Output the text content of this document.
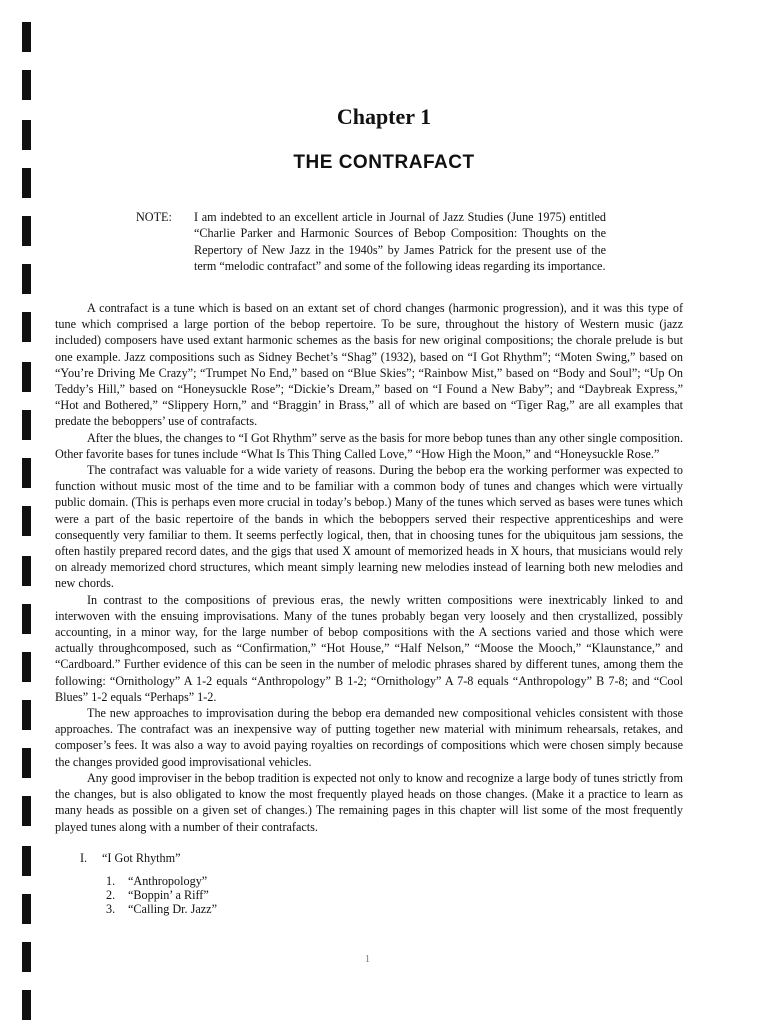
Chapter 1
THE CONTRAFACT
NOTE: I am indebted to an excellent article in Journal of Jazz Studies (June 1975) entitled “Charlie Parker and Harmonic Sources of Bebop Composition: Thoughts on the Repertory of New Jazz in the 1940s” by James Patrick for the present use of the term “melodic contrafact” and some of the following ideas regarding its importance.

A contrafact is a tune which is based on an extant set of chord changes (harmonic progression), and it was this type of tune which comprised a large portion of the bebop repertoire. To be sure, throughout the history of Western music (jazz included) composers have used extant harmonic schemes as the basis for new original compositions; the chorale prelude is but one example. Jazz compositions such as Sidney Bechet’s “Shag” (1932), based on “I Got Rhythm”; “Moten Swing,” based on “You’re Driving Me Crazy”; “Trumpet No End,” based on “Blue Skies”; “Rainbow Mist,” based on “Body and Soul”; “Up On Teddy’s Hill,” based on “Honeysuckle Rose”; “Dickie’s Dream,” based on “I Found a New Baby”; and “Daybreak Express,” “Hot and Bothered,” “Slippery Horn,” and “Braggin’ in Brass,” all of which are based on “Tiger Rag,” are all examples that predate the beboppers’ use of contrafacts.

After the blues, the changes to “I Got Rhythm” serve as the basis for more bebop tunes than any other single composition. Other favorite bases for tunes include “What Is This Thing Called Love,” “How High the Moon,” and “Honeysuckle Rose.”

The contrafact was valuable for a wide variety of reasons. During the bebop era the working performer was expected to function without music most of the time and to be familiar with a common body of tunes and changes which were virtually public domain. (This is perhaps even more crucial in today’s bebop.) Many of the tunes which served as bases were tunes which were a part of the basic repertoire of the bands in which the beboppers served their respective apprenticeships and were consequently very familiar to them. It seems perfectly logical, then, that in choosing tunes for the ubiquitous jam sessions, the often hastily prepared record dates, and the gigs that used X amount of memorized heads in X hours, that musicians would rely on already memorized chord structures, which meant simply learning new melodies instead of learning both new melodies and new chords.

In contrast to the compositions of previous eras, the newly written compositions were inextricably linked to and interwoven with the ensuing improvisations. Many of the tunes probably began very loosely and then crystallized, possibly accounting, in a minor way, for the large number of bebop compositions with the A sections varied and those which were actually throughcomposed, such as “Confirmation,” “Hot House,” “Half Nelson,” “Moose the Mooch,” “Klaunstance,” and “Cardboard.” Further evidence of this can be seen in the number of melodic phrases shared by different tunes, among them the following: “Ornithology” A 1-2 equals “Anthropology” B 1-2; “Ornithology” A 7-8 equals “Anthropology” B 7-8; and “Cool Blues” 1-2 equals “Perhaps” 1-2.

The new approaches to improvisation during the bebop era demanded new compositional vehicles consistent with those approaches. The contrafact was an inexpensive way of putting together new material with minimum rehearsals, retakes, and composer’s fees. It was also a way to avoid paying royalties on recordings of compositions which were chosen simply because the changes provided good improvisational vehicles.

Any good improviser in the bebop tradition is expected not only to know and recognize a large body of tunes strictly from the changes, but is also obligated to know the most frequently played heads on those changes. (Make it a practice to learn as many heads as possible on a given set of changes.) The remaining pages in this chapter will list some of the most frequently played tunes along with a number of their contrafacts.

I. “I Got Rhythm”
1. “Anthropology”
2. “Boppin’ a Riff”
3. “Calling Dr. Jazz”
1
